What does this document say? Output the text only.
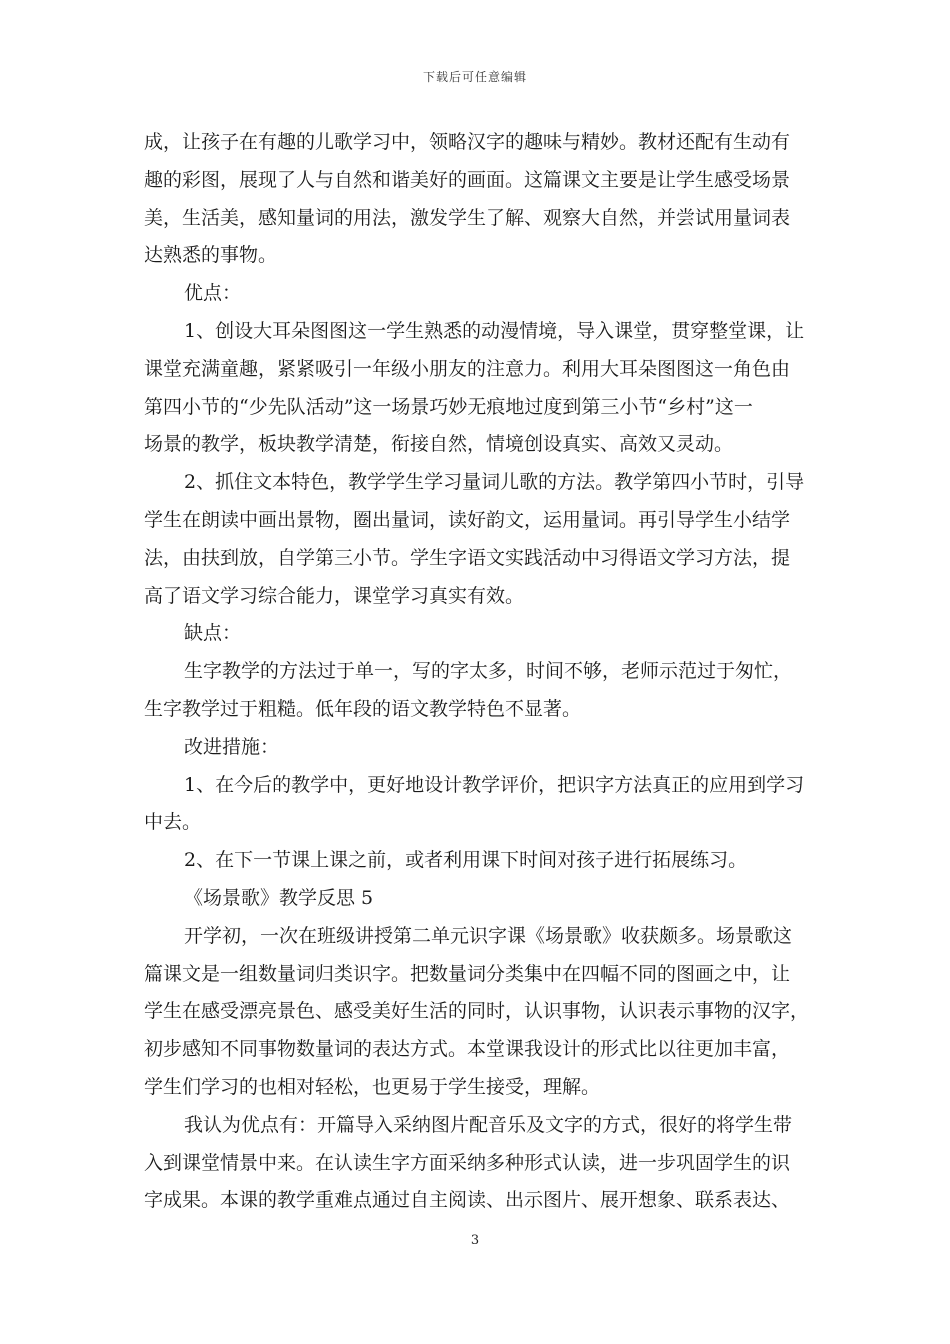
下载后可任意编辑
成，让孩子在有趣的儿歌学习中，领略汉字的趣味与精妙。教材还配有生动有
趣的彩图，展现了人与自然和谐美好的画面。这篇课文主要是让学生感受场景
美，生活美，感知量词的用法，激发学生了解、观察大自然，并尝试用量词表
达熟悉的事物。
优点：
1、创设大耳朵图图这一学生熟悉的动漫情境，导入课堂，贯穿整堂课，让
课堂充满童趣，紧紧吸引一年级小朋友的注意力。利用大耳朵图图这一角色由
第四小节的“少先队活动”这一场景巧妙无痕地过度到第三小节“乡村”这一
场景的教学，板块教学清楚，衔接自然，情境创设真实、高效又灵动。
2、抓住文本特色，教学学生学习量词儿歌的方法。教学第四小节时，引导
学生在朗读中画出景物，圈出量词，读好韵文，运用量词。再引导学生小结学
法，由扶到放，自学第三小节。学生字语文实践活动中习得语文学习方法，提
高了语文学习综合能力，课堂学习真实有效。
缺点：
生字教学的方法过于单一，写的字太多，时间不够，老师示范过于匆忙，
生字教学过于粗糙。低年段的语文教学特色不显著。
改进措施：
1、在今后的教学中，更好地设计教学评价，把识字方法真正的应用到学习
中去。
2、在下一节课上课之前，或者利用课下时间对孩子进行拓展练习。
《场景歌》教学反思 5
开学初，一次在班级讲授第二单元识字课《场景歌》收获颇多。场景歌这
篇课文是一组数量词归类识字。把数量词分类集中在四幅不同的图画之中，让
学生在感受漂亮景色、感受美好生活的同时，认识事物，认识表示事物的汉字，
初步感知不同事物数量词的表达方式。本堂课我设计的形式比以往更加丰富，
学生们学习的也相对轻松，也更易于学生接受，理解。
我认为优点有：开篇导入采纳图片配音乐及文字的方式，很好的将学生带
入到课堂情景中来。在认读生字方面采纳多种形式认读，进一步巩固学生的识
字成果。本课的教学重难点通过自主阅读、出示图片、展开想象、联系表达、
3
